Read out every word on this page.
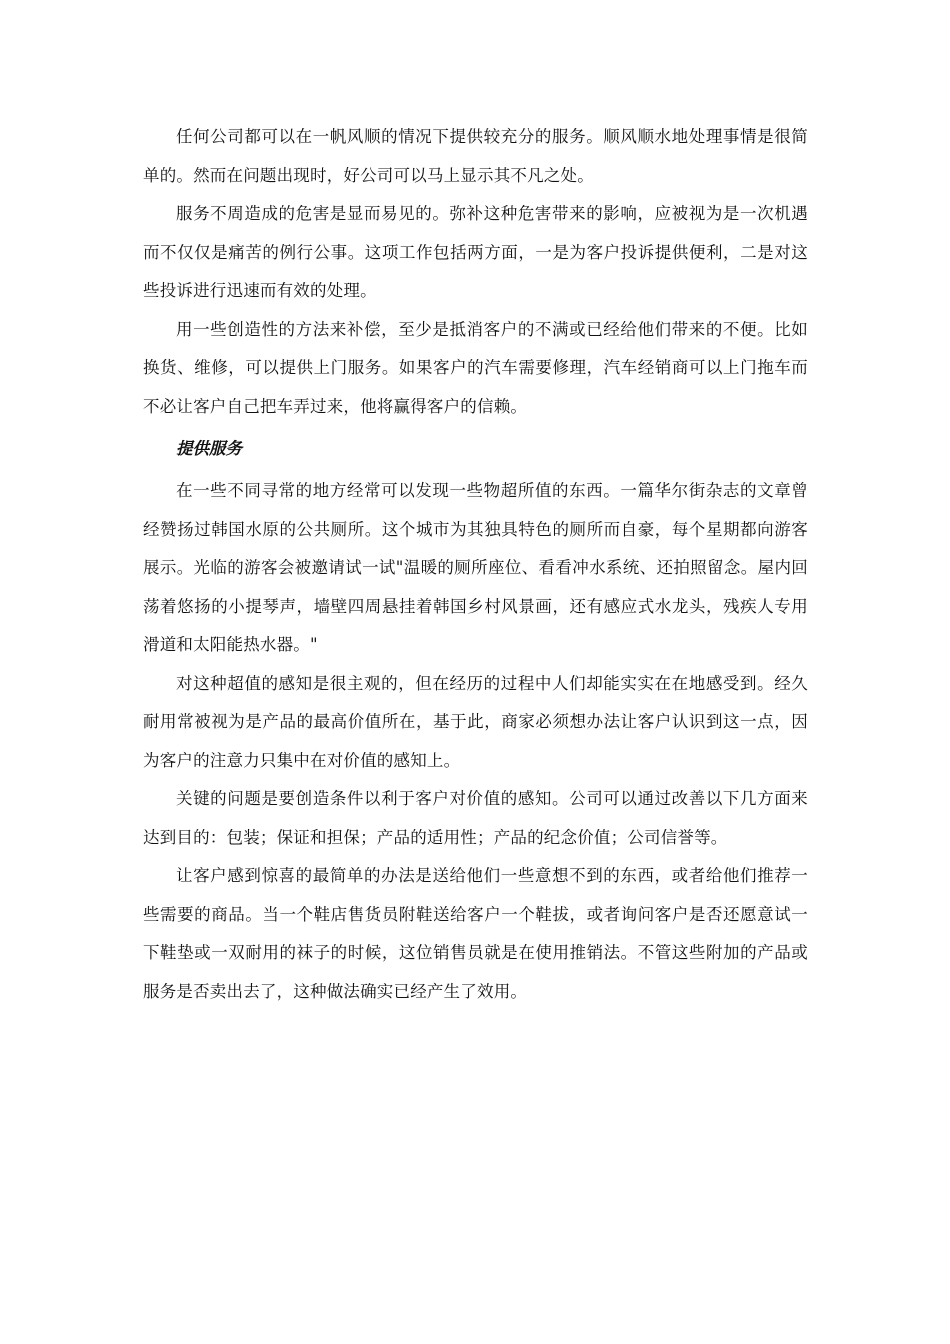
任何公司都可以在一帆风顺的情况下提供较充分的服务。顺风顺水地处理事情是很简单的。然而在问题出现时，好公司可以马上显示其不凡之处。

服务不周造成的危害是显而易见的。弥补这种危害带来的影响，应被视为是一次机遇而不仅仅是痛苦的例行公事。这项工作包括两方面，一是为客户投诉提供便利，二是对这些投诉进行迅速而有效的处理。

用一些创造性的方法来补偿，至少是抵消客户的不满或已经给他们带来的不便。比如换货、维修，可以提供上门服务。如果客户的汽车需要修理，汽车经销商可以上门拖车而不必让客户自己把车弄过来，他将赢得客户的信赖。

提供服务

在一些不同寻常的地方经常可以发现一些物超所值的东西。一篇华尔街杂志的文章曾经赞扬过韩国水原的公共厕所。这个城市为其独具特色的厕所而自豪，每个星期都向游客展示。光临的游客会被邀请试一试"温暖的厕所座位、看看冲水系统、还拍照留念。屋内回荡着悠扬的小提琴声，墙壁四周悬挂着韩国乡村风景画，还有感应式水龙头，残疾人专用滑道和太阳能热水器。"

对这种超值的感知是很主观的，但在经历的过程中人们却能实实在在地感受到。经久耐用常被视为是产品的最高价值所在，基于此，商家必须想办法让客户认识到这一点，因为客户的注意力只集中在对价值的感知上。

关键的问题是要创造条件以利于客户对价值的感知。公司可以通过改善以下几方面来达到目的：包装；保证和担保；产品的适用性；产品的纪念价值；公司信誉等。

让客户感到惊喜的最简单的办法是送给他们一些意想不到的东西，或者给他们推荐一些需要的商品。当一个鞋店售货员附鞋送给客户一个鞋拔，或者询问客户是否还愿意试一下鞋垫或一双耐用的袜子的时候，这位销售员就是在使用推销法。不管这些附加的产品或服务是否卖出去了，这种做法确实已经产生了效用。
